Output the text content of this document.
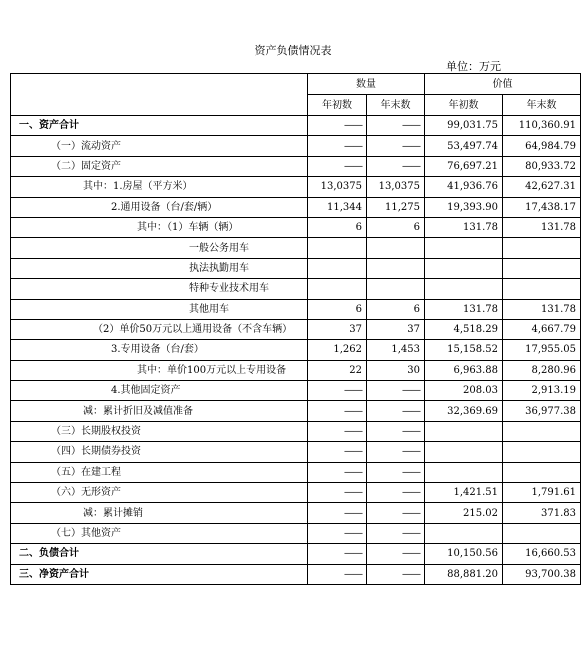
资产负债情况表
单位：万元
	数量		价值	
	年初数	年末数	年初数	年末数
一、资产合计	——	——	99,031.75	110,360.91
（一）流动资产	——	——	53,497.74	64,984.79
（二）固定资产	——	——	76,697.21	80,933.72
其中：1.房屋（平方米）	13,0375	13,0375	41,936.76	42,627.31
2.通用设备（台/套/辆）	11,344	11,275	19,393.90	17,438.17
其中：（1）车辆（辆）	6	6	131.78	131.78
一般公务用车				
执法执勤用车				
特种专业技术用车				
其他用车	6	6	131.78	131.78
（2）单价50万元以上通用设备（不含车辆）	37	37	4,518.29	4,667.79
3.专用设备（台/套）	1,262	1,453	15,158.52	17,955.05
其中：单价100万元以上专用设备	22	30	6,963.88	8,280.96
4.其他固定资产	——	——	208.03	2,913.19
减：累计折旧及减值准备	——	——	32,369.69	36,977.38
（三）长期股权投资	——	——		
（四）长期债券投资	——	——		
（五）在建工程	——	——		
（六）无形资产	——	——	1,421.51	1,791.61
减：累计摊销	——	——	215.02	371.83
（七）其他资产	——	——		
二、负债合计	——	——	10,150.56	16,660.53
三、净资产合计	——	——	88,881.20	93,700.38
